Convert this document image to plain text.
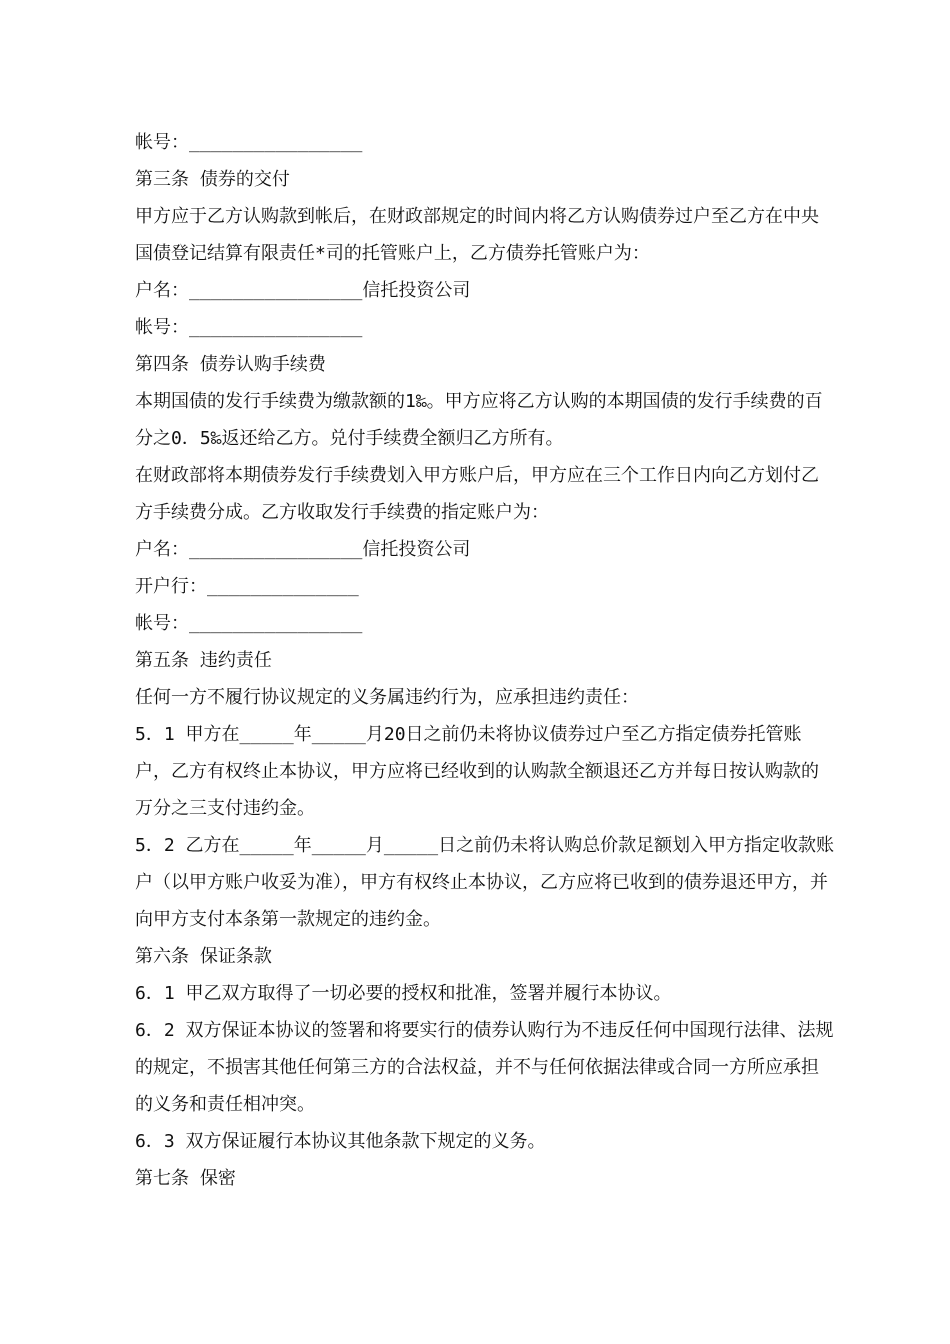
帐号：________________

第三条 债券的交付

甲方应于乙方认购款到帐后，在财政部规定的时间内将乙方认购债券过户至乙方在中央国债登记结算有限责任*司的托管账户上，乙方债券托管账户为：

户名：________________信托投资公司

帐号：________________

第四条 债券认购手续费

本期国债的发行手续费为缴款额的1‰。甲方应将乙方认购的本期国债的发行手续费的百分之0．5‰返还给乙方。兑付手续费全额归乙方所有。

在财政部将本期债券发行手续费划入甲方账户后，甲方应在三个工作日内向乙方划付乙方手续费分成。乙方收取发行手续费的指定账户为：

户名：________________信托投资公司

开户行：______________

帐号：________________

第五条 违约责任

任何一方不履行协议规定的义务属违约行为，应承担违约责任：

5．1 甲方在_____年_____月20日之前仍未将协议债券过户至乙方指定债券托管账户，乙方有权终止本协议，甲方应将已经收到的认购款全额退还乙方并每日按认购款的万分之三支付违约金。

5．2 乙方在_____年_____月_____日之前仍未将认购总价款足额划入甲方指定收款账户（以甲方账户收妥为准），甲方有权终止本协议，乙方应将已收到的债券退还甲方，并向甲方支付本条第一款规定的违约金。

第六条 保证条款

6．1 甲乙双方取得了一切必要的授权和批准，签署并履行本协议。

6．2 双方保证本协议的签署和将要实行的债券认购行为不违反任何中国现行法律、法规的规定，不损害其他任何第三方的合法权益，并不与任何依据法律或合同一方所应承担的义务和责任相冲突。

6．3 双方保证履行本协议其他条款下规定的义务。

第七条 保密
